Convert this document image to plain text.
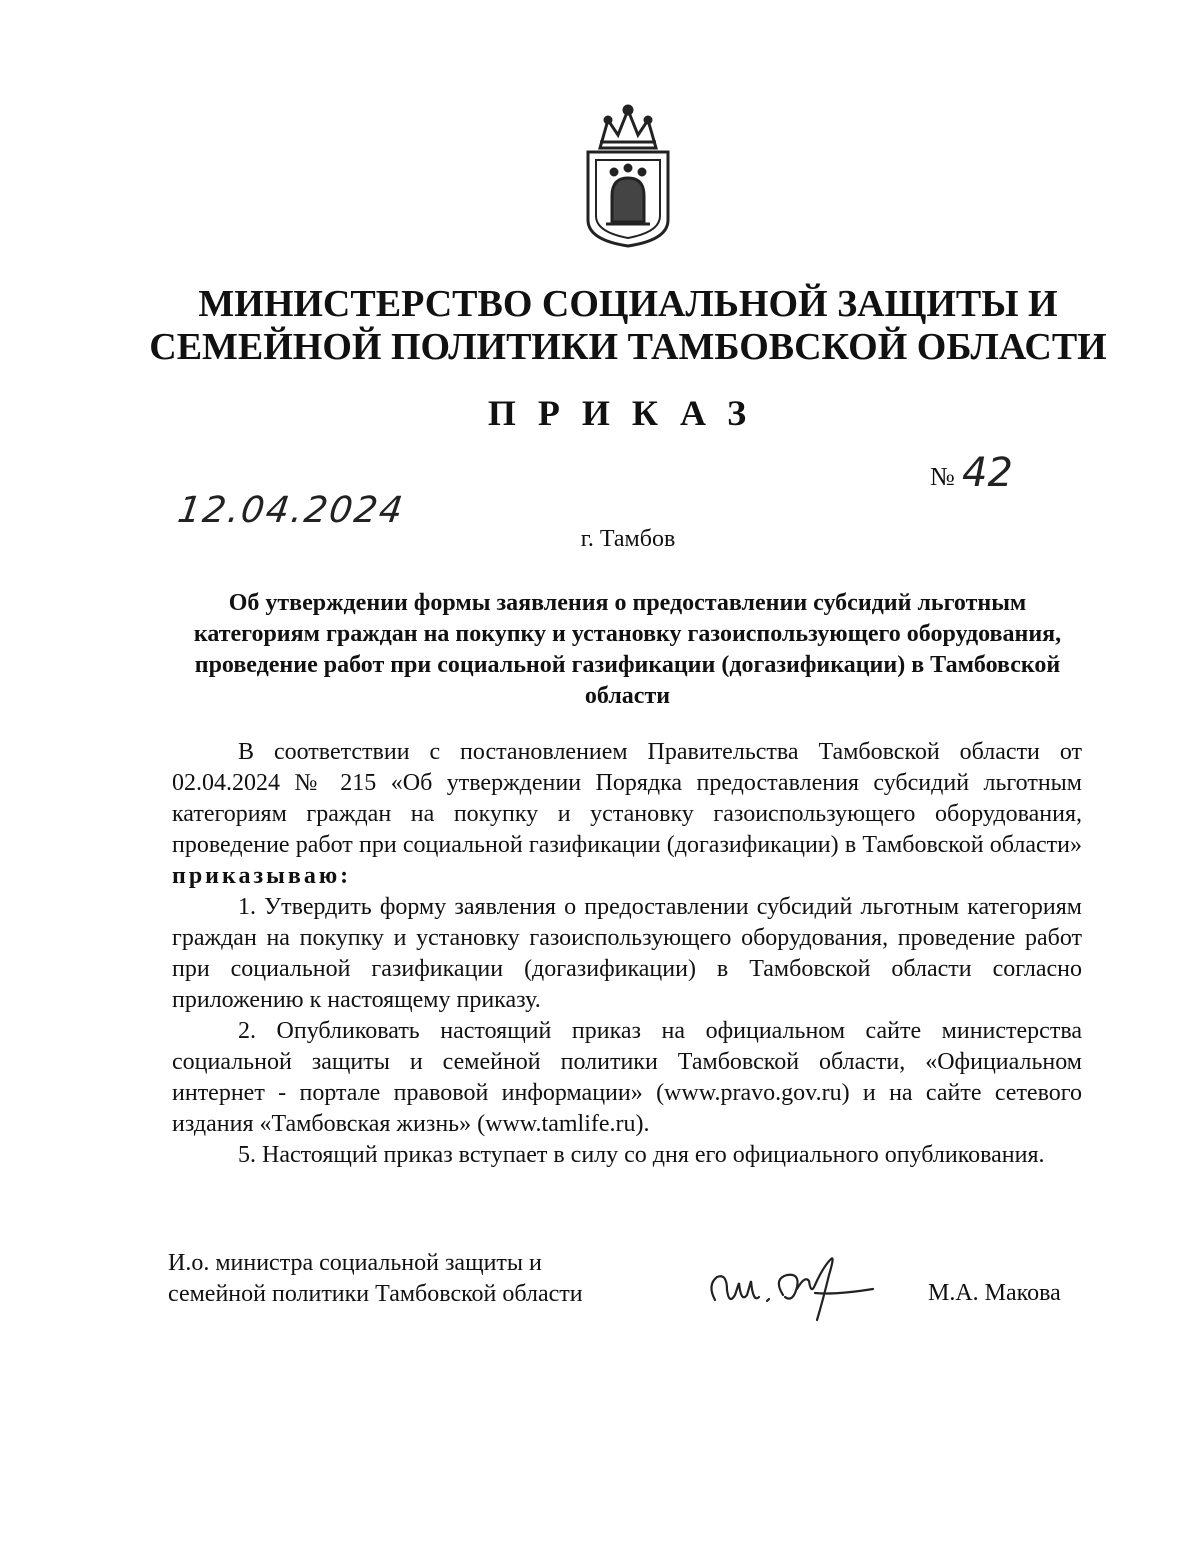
МИНИСТЕРСТВО СОЦИАЛЬНОЙ ЗАЩИТЫ И
СЕМЕЙНОЙ ПОЛИТИКИ ТАМБОВСКОЙ ОБЛАСТИ
ПРИКАЗ
12.04.2024
№ 42
г. Тамбов
Об утверждении формы заявления о предоставлении субсидий льготным категориям граждан на покупку и установку газоиспользующего оборудования, проведение работ при социальной газификации (догазификации) в Тамбовской области

В соответствии с постановлением Правительства Тамбовской области от 02.04.2024 № 215 «Об утверждении Порядка предоставления субсидий льготным категориям граждан на покупку и установку газоиспользующего оборудования, проведение работ при социальной газификации (догазификации) в Тамбовской области» приказываю:

1. Утвердить форму заявления о предоставлении субсидий льготным категориям граждан на покупку и установку газоиспользующего оборудования, проведение работ при социальной газификации (догазификации) в Тамбовской области согласно приложению к настоящему приказу.

2. Опубликовать настоящий приказ на официальном сайте министерства социальной защиты и семейной политики Тамбовской области, «Официальном интернет - портале правовой информации» (www.pravo.gov.ru) и на сайте сетевого издания «Тамбовская жизнь» (www.tamlife.ru).

5. Настоящий приказ вступает в силу со дня его официального опубликования.

И.о. министра социальной защиты и
семейной политики Тамбовской области	М.А. Макова
